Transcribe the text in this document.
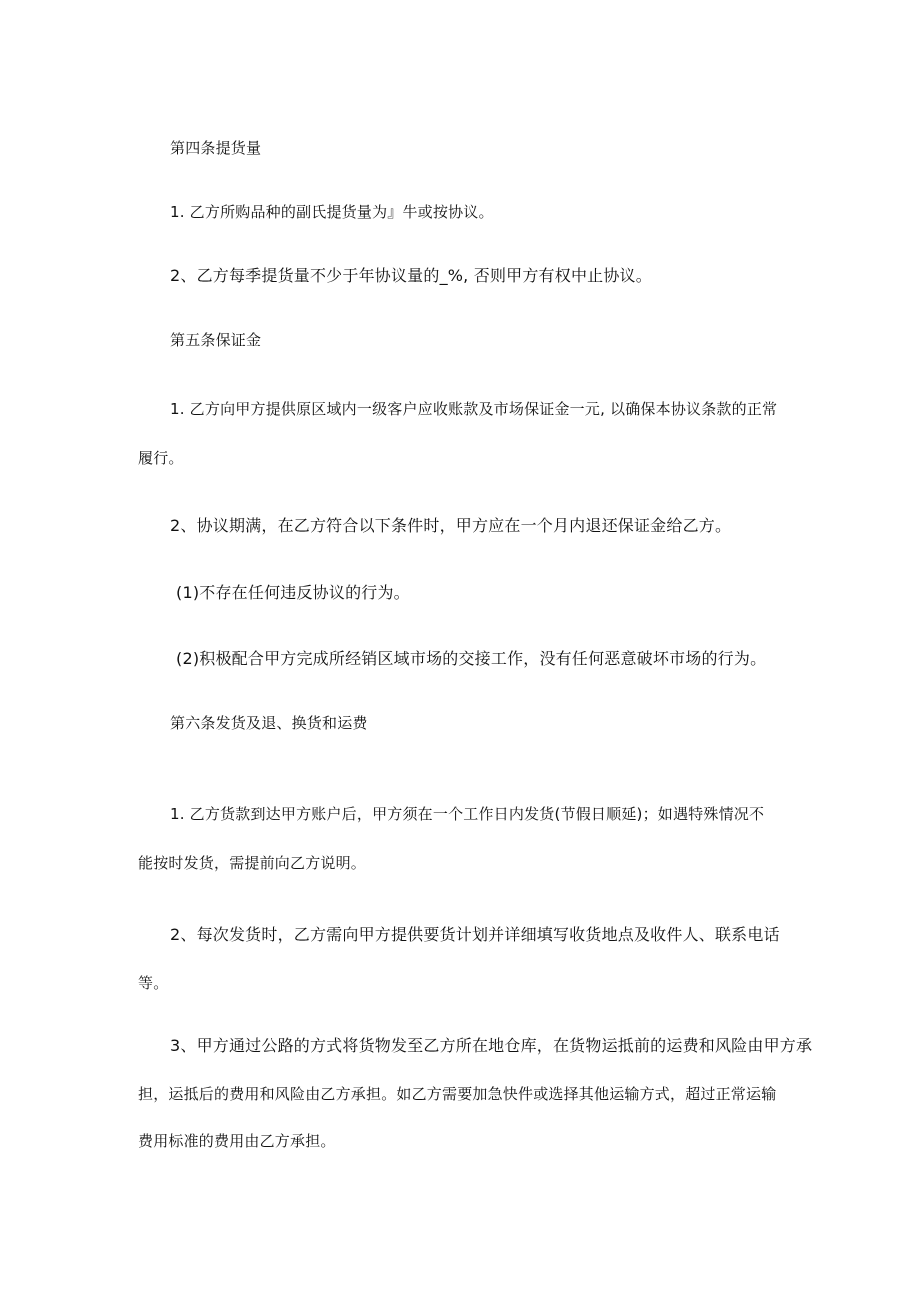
第四条提货量
1. 乙方所购品种的副氏提货量为』牛或按协议。
2、乙方每季提货量不少于年协议量的_%, 否则甲方有权中止协议。
第五条保证金
1. 乙方向甲方提供原区域内一级客户应收账款及市场保证金一元, 以确保本协议条款的正常
履行。
2、协议期满，在乙方符合以下条件时，甲方应在一个月内退还保证金给乙方。
(1)不存在任何违反协议的行为。
(2)积极配合甲方完成所经销区域市场的交接工作，没有任何恶意破坏市场的行为。
第六条发货及退、换货和运费
1. 乙方货款到达甲方账户后，甲方须在一个工作日内发货(节假日顺延)；如遇特殊情况不
能按时发货，需提前向乙方说明。
2、每次发货时，乙方需向甲方提供要货计划并详细填写收货地点及收件人、联系电话
等。
3、甲方通过公路的方式将货物发至乙方所在地仓库，在货物运抵前的运费和风险由甲方承
担，运抵后的费用和风险由乙方承担。如乙方需要加急快件或选择其他运输方式，超过正常运输
费用标准的费用由乙方承担。
